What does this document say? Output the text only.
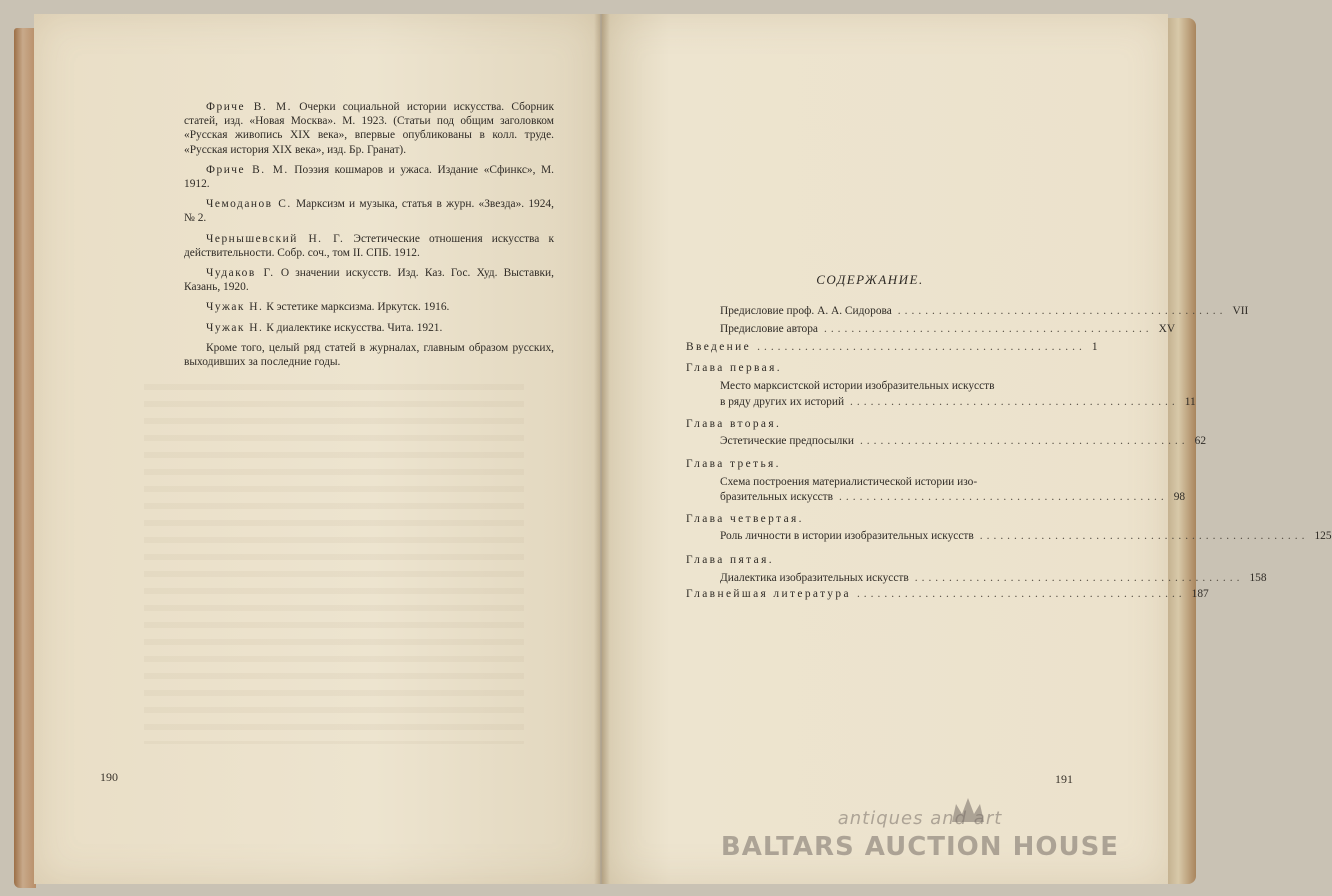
Фриче В. М. Очерки социальной истории искусства. Сборник статей, изд. «Новая Москва». М. 1923. (Статьи под общим заголовком «Русская живопись XIX века», впервые опубликованы в колл. труде. «Русская история XIX века», изд. Бр. Гранат).

Фриче В. М. Поэзия кошмаров и ужаса. Издание «Сфинкс», М. 1912.

Чемоданов С. Марксизм и музыка, статья в журн. «Звезда». 1924, № 2.

Чернышевский Н. Г. Эстетические отношения искусства к действительности. Собр. соч., том II. СПБ. 1912.

Чудаков Г. О значении искусств. Изд. Каз. Гос. Худ. Выставки, Казань, 1920.

Чужак Н. К эстетике марксизма. Иркутск. 1916.

Чужак Н. К диалектике искусства. Чита. 1921.

Кроме того, целый ряд статей в журналах, главным образом русских, выходивших за последние годы.

190
СОДЕРЖАНИЕ.
Предисловие проф. А. А. Сидорова ................................................ VII
Предисловие автора ................................................ XV
Введение ................................................ 1
Глава первая.
Место марксистской истории изобразительных искусств
в ряду других их историй ................................................ 11
Глава вторая.
Эстетические предпосылки ................................................ 62
Глава третья.
Схема построения материалистической истории изо-
бразительных искусств ................................................ 98
Глава четвертая.
Роль личности в истории изобразительных искусств ................................................ 125
Глава пятая.
Диалектика изобразительных искусств ................................................ 158
Главнейшая литература ................................................ 187
191
antiques and art
BALTARS AUCTION HOUSE
